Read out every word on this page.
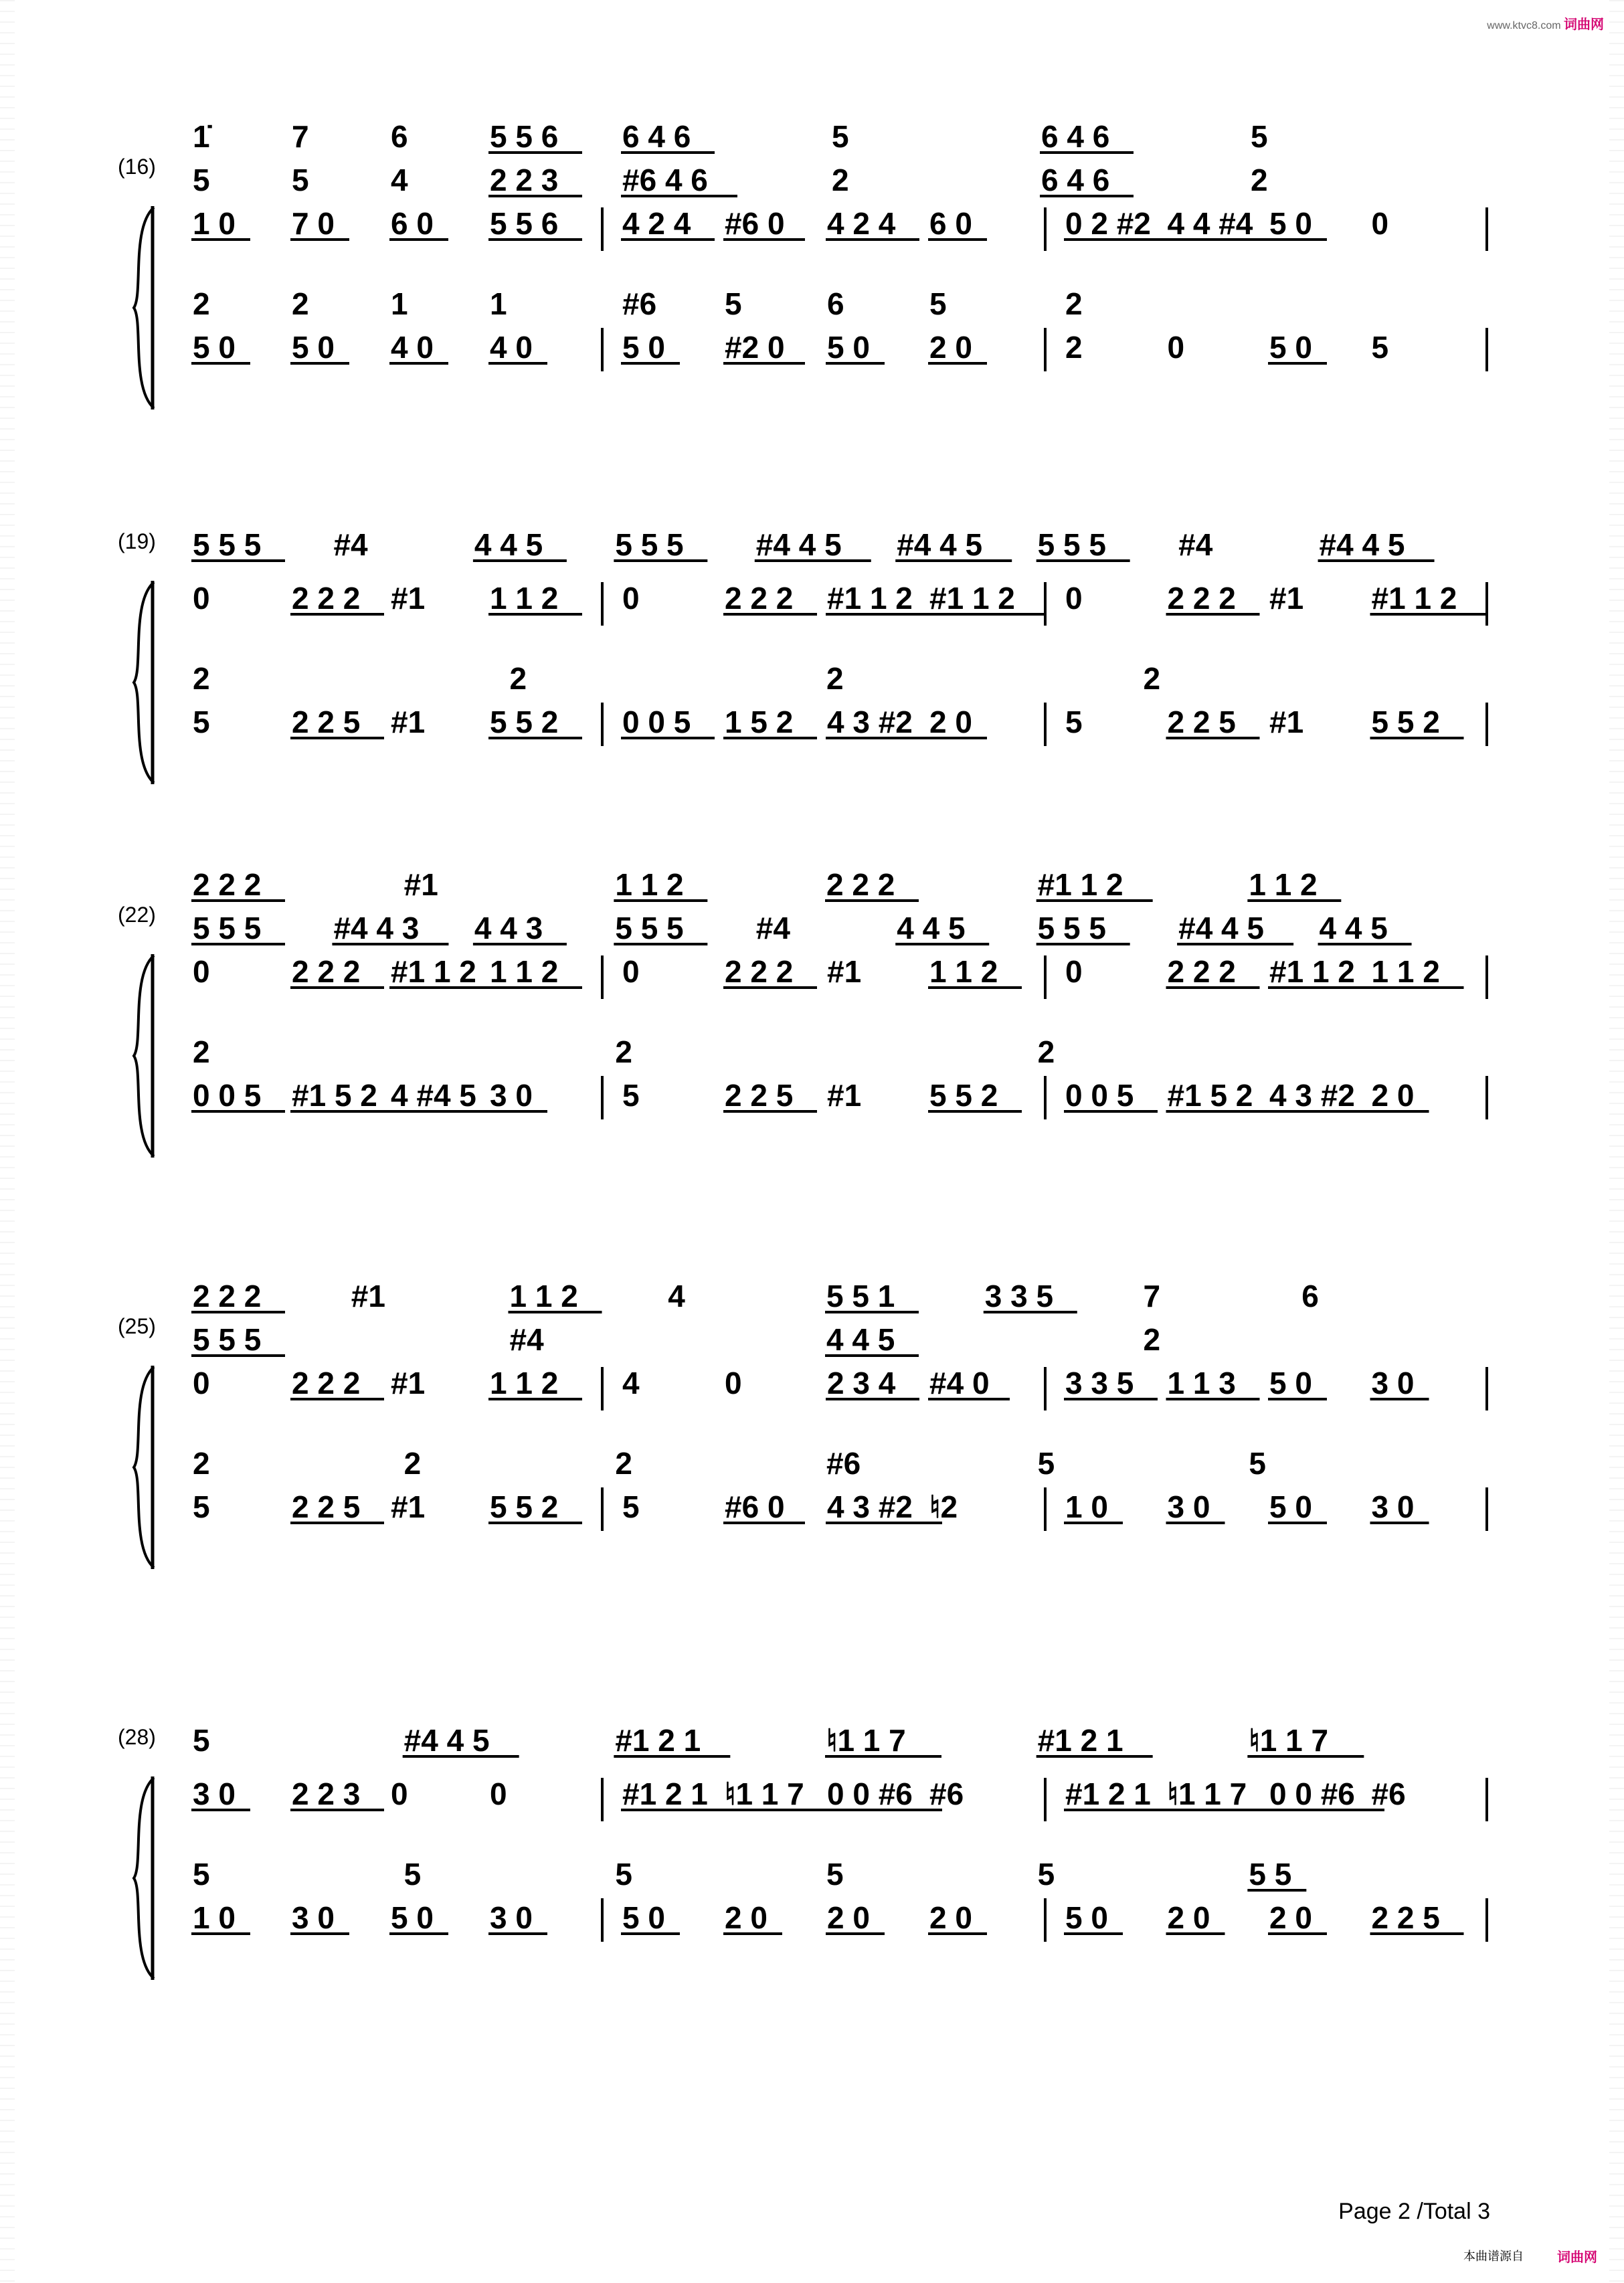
www.ktvc8.com 词曲网
(16)
1̇	7	6	5 5 6 6 4 6	5	6 4 6	5
5	5	4	2 2 3 #6 4 6	2	6 4 6	2
1 0 7 0 6 0 5 5 6 4 2 4 #6 0 4 2 4 6 0	0 2 #2 4 4 #4 5 0 0
2	2	1	1	#6 5	6	5	2
5 0 5 0 4 0 4 0	5 0 #2 0 5 0 2 0	2	0	5 0 5
(19) 5 5 5 #4	4 4 5 5 5 5 #4 4 5 #4 4 5 5 5 5 #4	#4 4 5
0	2 2 2 #1 1 1 2 0	2 2 2 #1 1 2 #1 1 2 0	2 2 2 #1 #1 1 2
2	2	2	2
5	2 2 5 #1 5 5 2 0 0 5 1 5 2 4 3 #2 2 0	5	2 2 5 #1 5 5 2
(22)
2 2 2	#1	1 1 2	2 2 2	#1 1 2	1 1 2
5 5 5 #4 4 3 4 4 3 5 5 5 #4	4 4 5 5 5 5 #4 4 5 4 4 5
0	2 2 2 #1 1 2 1 1 2 0	2 2 2 #1 1 1 2 0	2 2 2 #1 1 2 1 1 2
2	2	2
0 0 5 #1 5 2 4 #4 5 3 0	5	2 2 5 #1 5 5 2 0 0 5 #1 5 2 4 3 #2 2 0
(25)
2 2 2	#1	1 1 2	4	5 5 1	3 3 5	7	6
5 5 5	#4	4 4 5	2
0	2 2 2 #1 1 1 2 4	0	2 3 4 #4 0 3 3 5 1 1 3 5 0 3 0
2	2	2	#6	5	5
5	2 2 5 #1 5 5 2 5	#6 0 4 3 #2 ♮2	1 0 3 0 5 0 3 0
(28) 5	#4 4 5	#1 2 1	♮1 1 7	#1 2 1	♮1 1 7
3 0 2 2 3 0	0	#1 2 1 ♮1 1 7 0 0 #6 #6	#1 2 1 ♮1 1 7 0 0 #6 #6
5	5	5	5	5	5 5
1 0 3 0 5 0 3 0	5 0 2 0 2 0 2 0	5 0 2 0 2 0 2 2 5
Page 2 /Total 3
本曲谱源自	词曲网
